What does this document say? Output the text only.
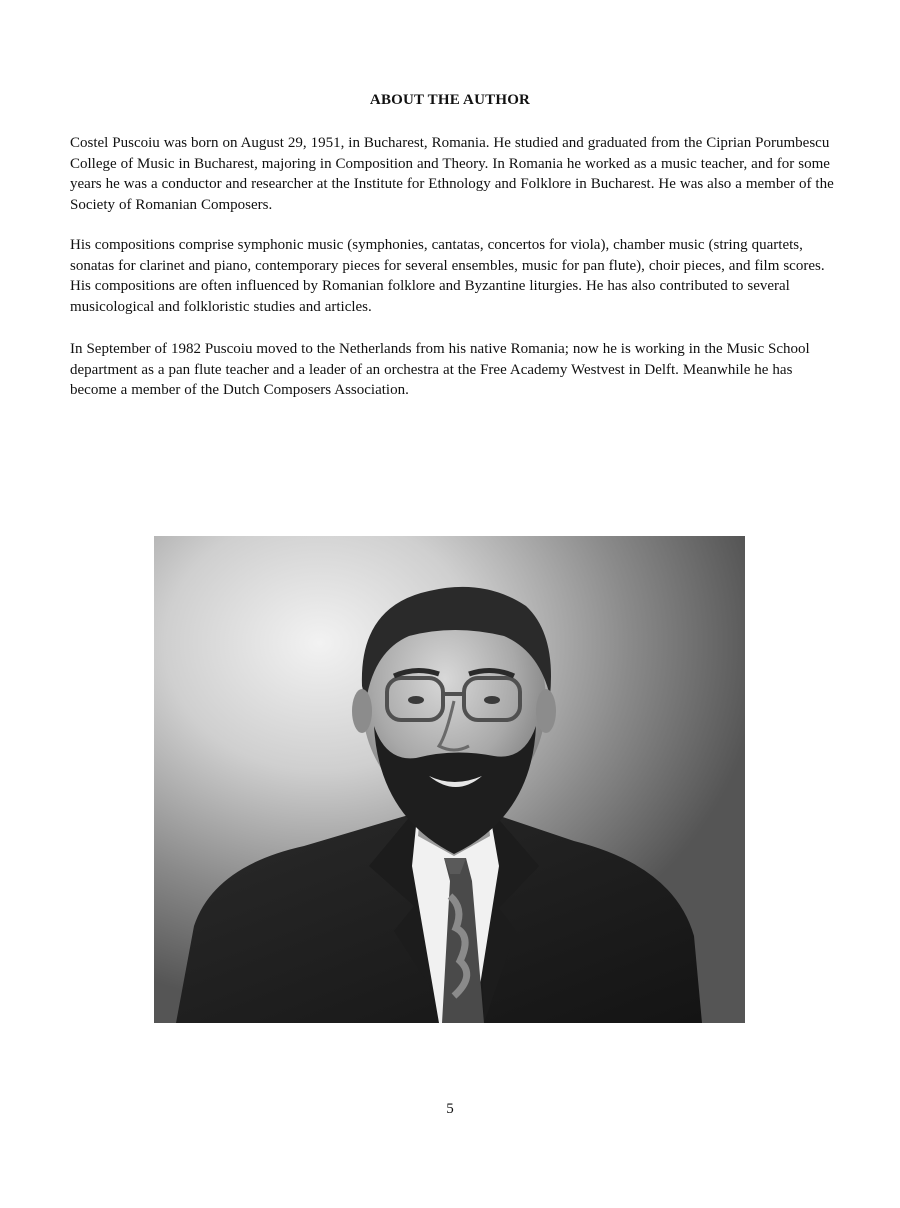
ABOUT THE AUTHOR

Costel Puscoiu was born on August 29, 1951, in Bucharest, Romania. He studied and graduated from the Ciprian Porumbescu College of Music in Bucharest, majoring in Composition and Theory. In Romania he worked as a music teacher, and for some years he was a conductor and researcher at the Institute for Ethnology and Folklore in Bucharest. He was also a member of the Society of Romanian Composers.

His compositions comprise symphonic music (symphonies, cantatas, concertos for viola), chamber music (string quartets, sonatas for clarinet and piano, contemporary pieces for several ensembles, music for pan flute), choir pieces, and film scores. His compositions are often influenced by Romanian folklore and Byzantine liturgies. He has also contributed to several musicological and folkloristic studies and articles.

In September of 1982 Puscoiu moved to the Netherlands from his native Romania; now he is working in the Music School department as a pan flute teacher and a leader of an orchestra at the Free Academy Westvest in Delft. Meanwhile he has become a member of the Dutch Composers Association.

5
